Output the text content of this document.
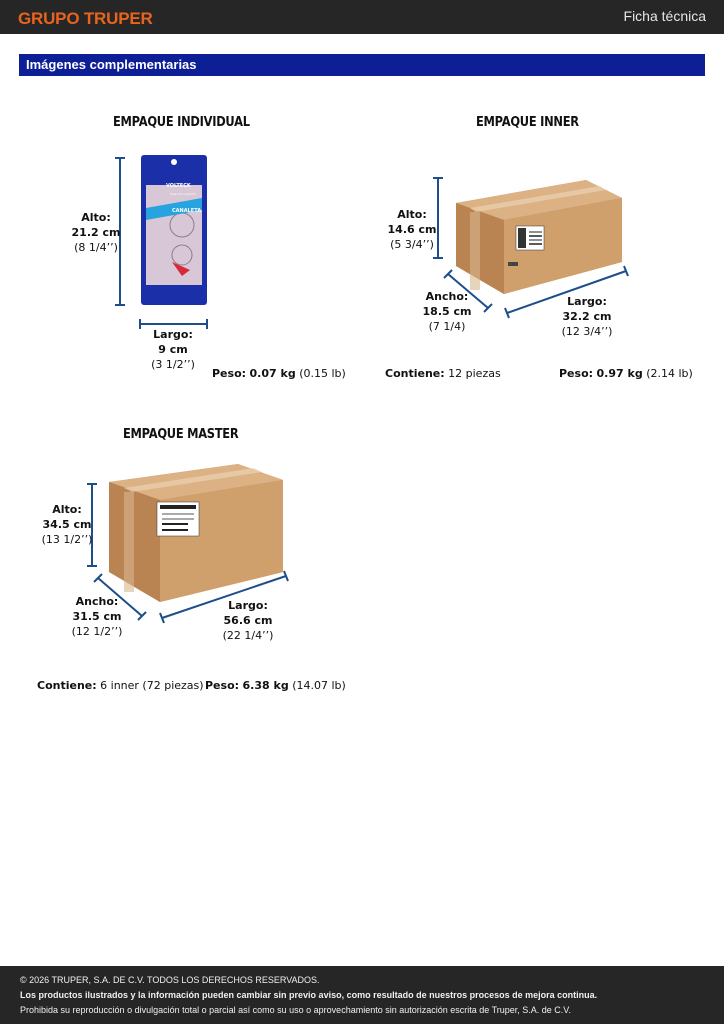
GRUPO TRUPER	Ficha técnica
Imágenes complementarias
EMPAQUE INDIVIDUAL
VOLTECK
CANALETA
Caja de conexión
Alto:
21.2 cm
(8 1/4’’)
Largo:
9 cm
(3 1/2’’)
Peso: 0.07 kg (0.15 lb)
EMPAQUE INNER
Alto:
14.6 cm
(5 3/4’’)
Ancho:
18.5 cm
(7 1/4)
Largo:
32.2 cm
(12 3/4’’)
Contiene: 12 piezas	Peso: 0.97 kg (2.14 lb)
EMPAQUE MASTER
Alto:
34.5 cm
(13 1/2’’)
Ancho:
31.5 cm
(12 1/2’’)
Largo:
56.6 cm
(22 1/4’’)
Contiene: 6 inner (72 piezas) Peso: 6.38 kg (14.07 lb)
© 2026 TRUPER, S.A. DE C.V. TODOS LOS DERECHOS RESERVADOS.
Los productos ilustrados y la información pueden cambiar sin previo aviso, como resultado de nuestros procesos de mejora continua.
Prohibida su reproducción o divulgación total o parcial así como su uso o aprovechamiento sin autorización escrita de Truper, S.A. de C.V.
